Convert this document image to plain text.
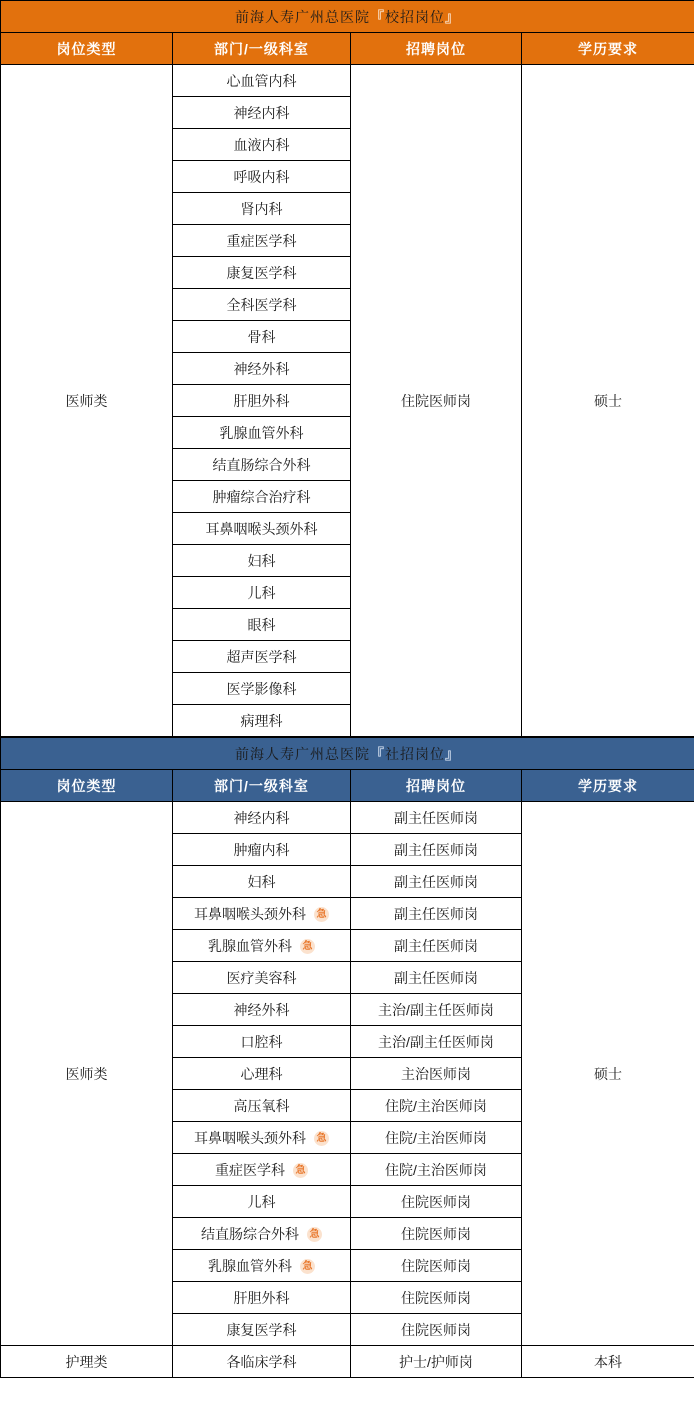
前海人寿广州总医院『校招岗位』			
岗位类型	部门/一级科室	招聘岗位	学历要求
医师类	心血管内科	住院医师岗	硕士
	神经内科		
	血液内科		
	呼吸内科		
	肾内科		
	重症医学科		
	康复医学科		
	全科医学科		
	骨科		
	神经外科		
	肝胆外科		
	乳腺血管外科		
	结直肠综合外科		
	肿瘤综合治疗科		
	耳鼻咽喉头颈外科		
	妇科		
	儿科		
	眼科		
	超声医学科		
	医学影像科		
	病理科		
前海人寿广州总医院『社招岗位』			
岗位类型	部门/一级科室	招聘岗位	学历要求
医师类	神经内科	副主任医师岗	硕士
	肿瘤内科	副主任医师岗	
	妇科	副主任医师岗	
	耳鼻咽喉头颈外科 急	副主任医师岗	
	乳腺血管外科 急	副主任医师岗	
	医疗美容科	副主任医师岗	
	神经外科	主治/副主任医师岗	
	口腔科	主治/副主任医师岗	
	心理科	主治医师岗	
	高压氧科	住院/主治医师岗	
	耳鼻咽喉头颈外科 急	住院/主治医师岗	
	重症医学科 急	住院/主治医师岗	
	儿科	住院医师岗	
	结直肠综合外科 急	住院医师岗	
	乳腺血管外科 急	住院医师岗	
	肝胆外科	住院医师岗	
	康复医学科	住院医师岗	
护理类	各临床学科	护士/护师岗	本科
